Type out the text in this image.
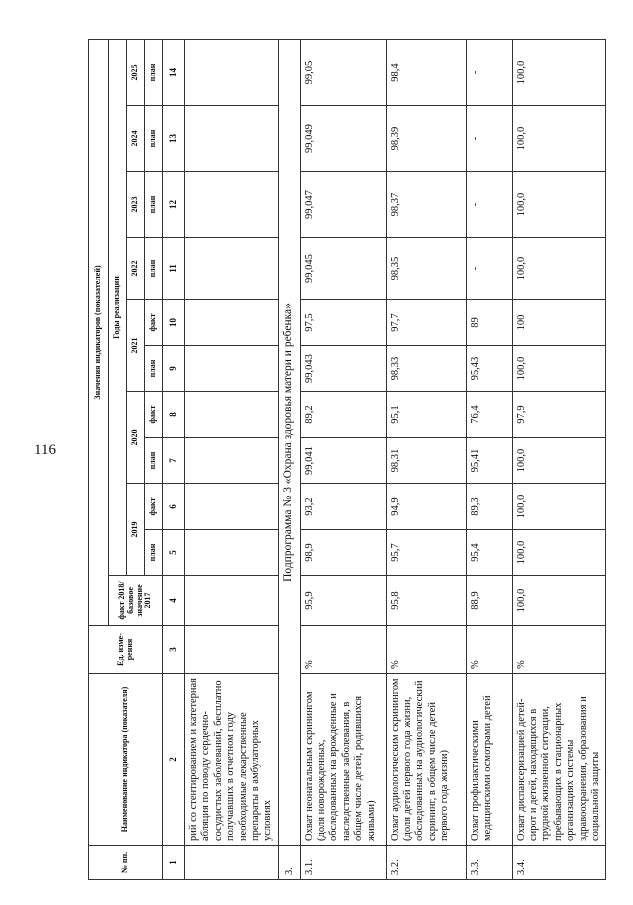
116
№ пп.	Наименование индикатора (показателя)	Ед. изме-рения	Значения индикаторов (показателей)										
			факт 2018/базовое значение 2017	Годы реализации									
				2019		2020		2021		2022	2023	2024	2025
				план	факт	план	факт	план	факт	план	план	план	план
1	2	3	4	5	6	7	8	9	10	11	12	13	14
	рий со стентированием и катетерная абляция по поводу сердечно-сосудистых заболеваний, бесплатно получавших в отчетном году необходимые лекарственные препараты в амбулаторных условиях												
3.	Подпрограмма № 3 «Охрана здоровья матери и ребенка»												
3.1.	Охват неонатальным скринингом (доля новорожденных, обследованных на врожденные и наследственные заболевания, в общем числе детей, родившихся живыми)	%	95,9	98,9	93,2	99,041	89,2	99,043	97,5	99,045	99,047	99,049	99,05
3.2.	Охват аудиологическим скринингом (доля детей первого года жизни, обследованных на аудиологический скрининг, в общем числе детей первого года жизни)	%	95,8	95,7	94,9	98,31	95,1	98,33	97,7	98,35	98,37	98,39	98,4
3.3.	Охват профилактическими медицинскими осмотрами детей	%	88,9	95,4	89,3	95,41	76,4	95,43	89	-	-	-	-
3.4.	Охват диспансеризацией детей-сирот и детей, находящихся в трудной жизненной ситуации, пребывающих в стационарных организациях системы здравоохранения, образования и социальной защиты	%	100,0	100,0	100,0	100,0	97,9	100,0	100	100,0	100,0	100,0	100,0
